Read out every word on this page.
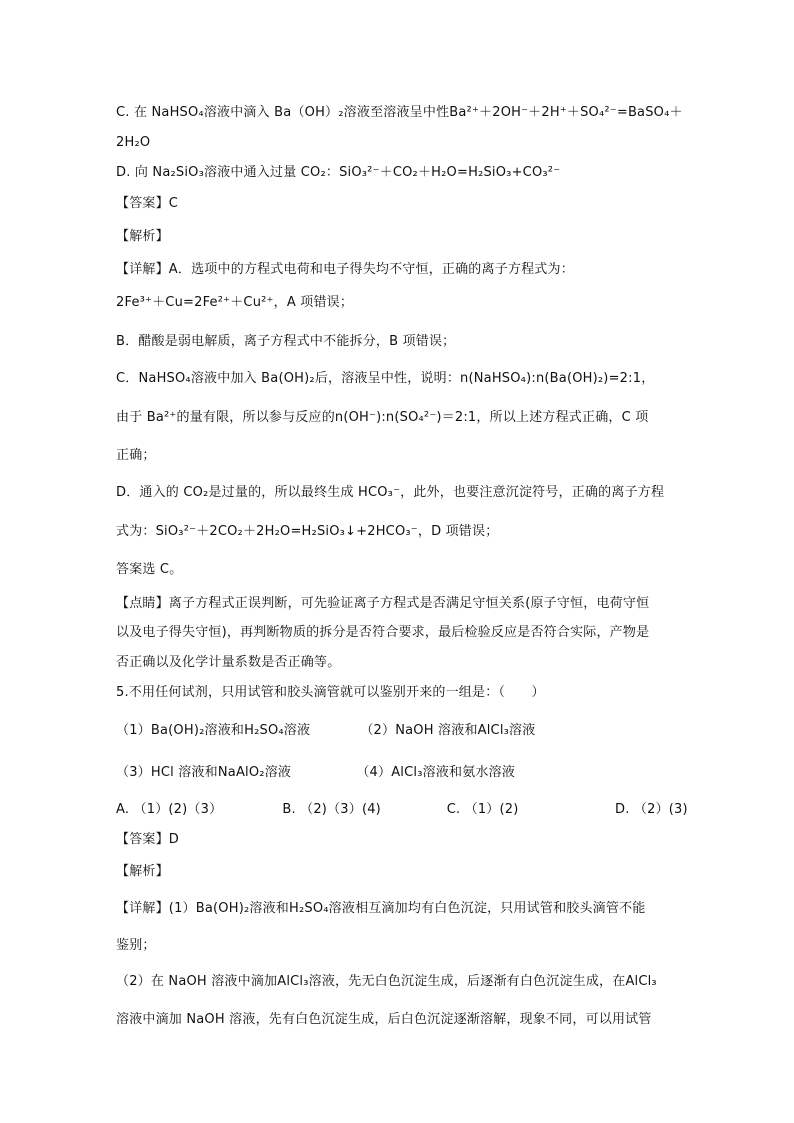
C. 在 NaHSO₄溶液中滴入 Ba（OH）₂溶液至溶液呈中性Ba²⁺＋2OH⁻＋2H⁺＋SO₄²⁻=BaSO₄＋
2H₂O
D. 向 Na₂SiO₃溶液中通入过量 CO₂：SiO₃²⁻＋CO₂＋H₂O=H₂SiO₃+CO₃²⁻
【答案】C
【解析】
【详解】A．选项中的方程式电荷和电子得失均不守恒，正确的离子方程式为：
2Fe³⁺＋Cu=2Fe²⁺＋Cu²⁺，A 项错误；
B．醋酸是弱电解质，离子方程式中不能拆分，B 项错误；
C．NaHSO₄溶液中加入 Ba(OH)₂后，溶液呈中性，说明：n(NaHSO₄):n(Ba(OH)₂)=2:1，
由于 Ba²⁺的量有限，所以参与反应的n(OH⁻):n(SO₄²⁻)＝2:1，所以上述方程式正确，C 项
正确；
D．通入的 CO₂是过量的，所以最终生成 HCO₃⁻，此外，也要注意沉淀符号，正确的离子方程
式为：SiO₃²⁻＋2CO₂＋2H₂O=H₂SiO₃↓+2HCO₃⁻，D 项错误；
答案选 C。
【点睛】离子方程式正误判断，可先验证离子方程式是否满足守恒关系(原子守恒，电荷守恒
以及电子得失守恒)，再判断物质的拆分是否符合要求，最后检验反应是否符合实际，产物是
否正确以及化学计量系数是否正确等。
5.不用任何试剂，只用试管和胶头滴管就可以鉴别开来的一组是：（　　）
（1）Ba(OH)₂溶液和H₂SO₄溶液	（2）NaOH 溶液和AlCl₃溶液
（3）HCl 溶液和NaAlO₂溶液	（4）AlCl₃溶液和氨水溶液
A. （1）(2)（3）	B. （2)（3）(4)	C. （1）(2)	D. （2）(3)
【答案】D
【解析】
【详解】(1）Ba(OH)₂溶液和H₂SO₄溶液相互滴加均有白色沉淀，只用试管和胶头滴管不能
鉴别；
（2）在 NaOH 溶液中滴加AlCl₃溶液，先无白色沉淀生成，后逐渐有白色沉淀生成，在AlCl₃
溶液中滴加 NaOH 溶液，先有白色沉淀生成，后白色沉淀逐渐溶解，现象不同，可以用试管
